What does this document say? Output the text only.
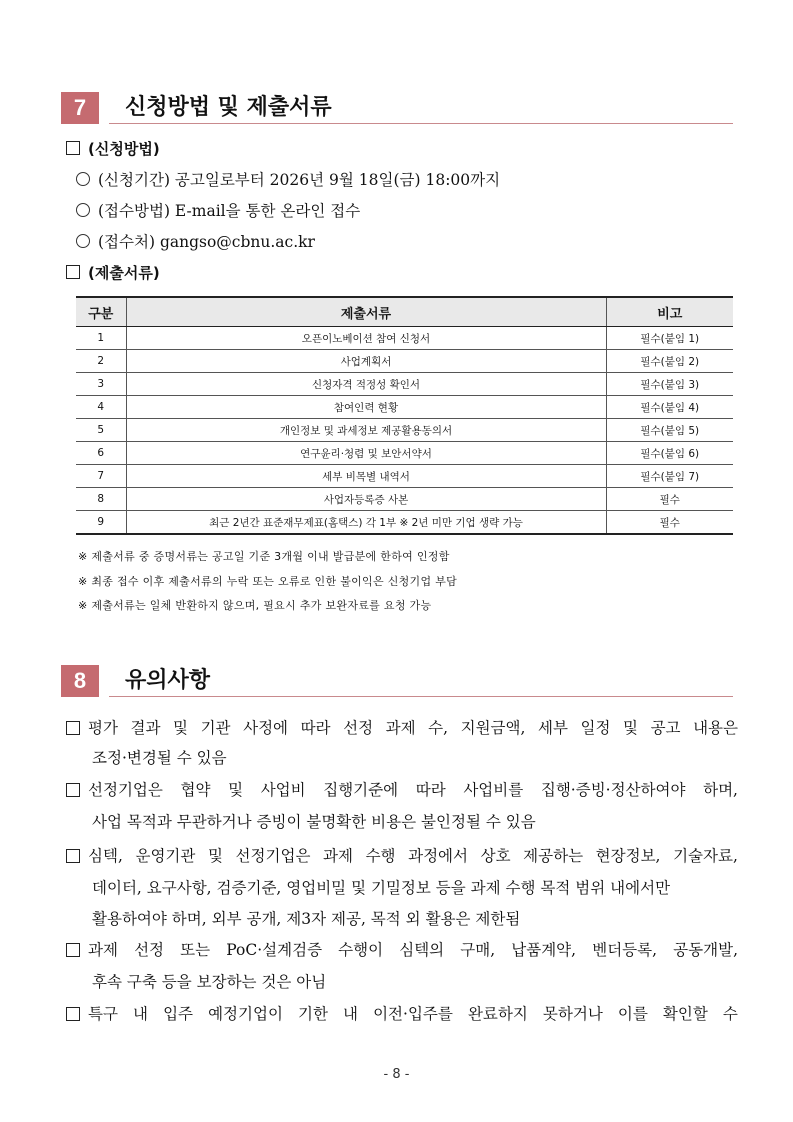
7	신청방법 및 제출서류
(신청방법)
(신청기간) 공고일로부터 2026년 9월 18일(금) 18:00까지
(접수방법) E-mail을 통한 온라인 접수
(접수처) gangso@cbnu.ac.kr
(제출서류)
구분	제출서류	비고
1	오픈이노베이션 참여 신청서	필수(붙임 1)
2	사업계획서	필수(붙임 2)
3	신청자격 적정성 확인서	필수(붙임 3)
4	참여인력 현황	필수(붙임 4)
5	개인정보 및 과세정보 제공활용동의서	필수(붙임 5)
6	연구윤리·청렴 및 보안서약서	필수(붙임 6)
7	세부 비목별 내역서	필수(붙임 7)
8	사업자등록증 사본	필수
9	최근 2년간 표준재무제표(홈택스) 각 1부 ※ 2년 미만 기업 생략 가능	필수
※ 제출서류 중 증명서류는 공고일 기준 3개월 이내 발급분에 한하여 인정함
※ 최종 접수 이후 제출서류의 누락 또는 오류로 인한 불이익은 신청기업 부담
※ 제출서류는 일체 반환하지 않으며, 필요시 추가 보완자료를 요청 가능
8	유의사항
평가 결과 및 기관 사정에 따라 선정 과제 수, 지원금액, 세부 일정 및 공고 내용은
조정·변경될 수 있음
선정기업은 협약 및 사업비 집행기준에 따라 사업비를 집행·증빙·정산하여야 하며,
사업 목적과 무관하거나 증빙이 불명확한 비용은 불인정될 수 있음
심텍, 운영기관 및 선정기업은 과제 수행 과정에서 상호 제공하는 현장정보, 기술자료,
데이터, 요구사항, 검증기준, 영업비밀 및 기밀정보 등을 과제 수행 목적 범위 내에서만
활용하여야 하며, 외부 공개, 제3자 제공, 목적 외 활용은 제한됨
과제 선정 또는 PoC·설계검증 수행이 심텍의 구매, 납품계약, 벤더등록, 공동개발,
후속 구축 등을 보장하는 것은 아님
특구 내 입주 예정기업이 기한 내 이전·입주를 완료하지 못하거나 이를 확인할 수
- 8 -
